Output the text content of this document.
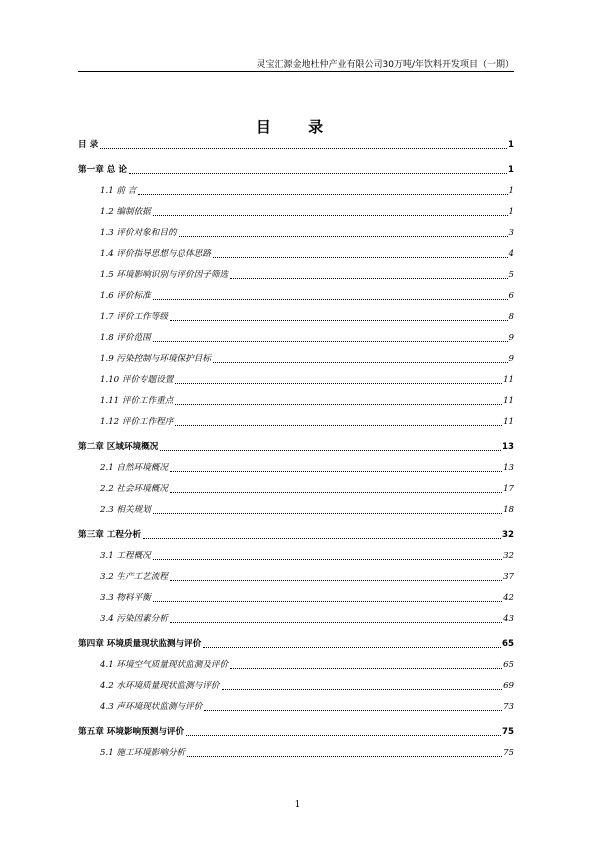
灵宝汇源金地杜仲产业有限公司30万吨/年饮料开发项目（一期）
目 录
目 录	1
第一章 总 论	1
1.1 前 言	1
1.2 编制依据	1
1.3 评价对象和目的	3
1.4 评价指导思想与总体思路	4
1.5 环境影响识别与评价因子筛选	5
1.6 评价标准	6
1.7 评价工作等级	8
1.8 评价范围	9
1.9 污染控制与环境保护目标	9
1.10 评价专题设置	11
1.11 评价工作重点	11
1.12 评价工作程序	11
第二章 区域环境概况	13
2.1 自然环境概况	13
2.2 社会环境概况	17
2.3 相关规划	18
第三章 工程分析	32
3.1 工程概况	32
3.2 生产工艺流程	37
3.3 物料平衡	42
3.4 污染因素分析	43
第四章 环境质量现状监测与评价	65
4.1 环境空气质量现状监测及评价	65
4.2 水环境质量现状监测与评价	69
4.3 声环境现状监测与评价	73
第五章 环境影响预测与评价	75
5.1 施工环境影响分析	75
1
